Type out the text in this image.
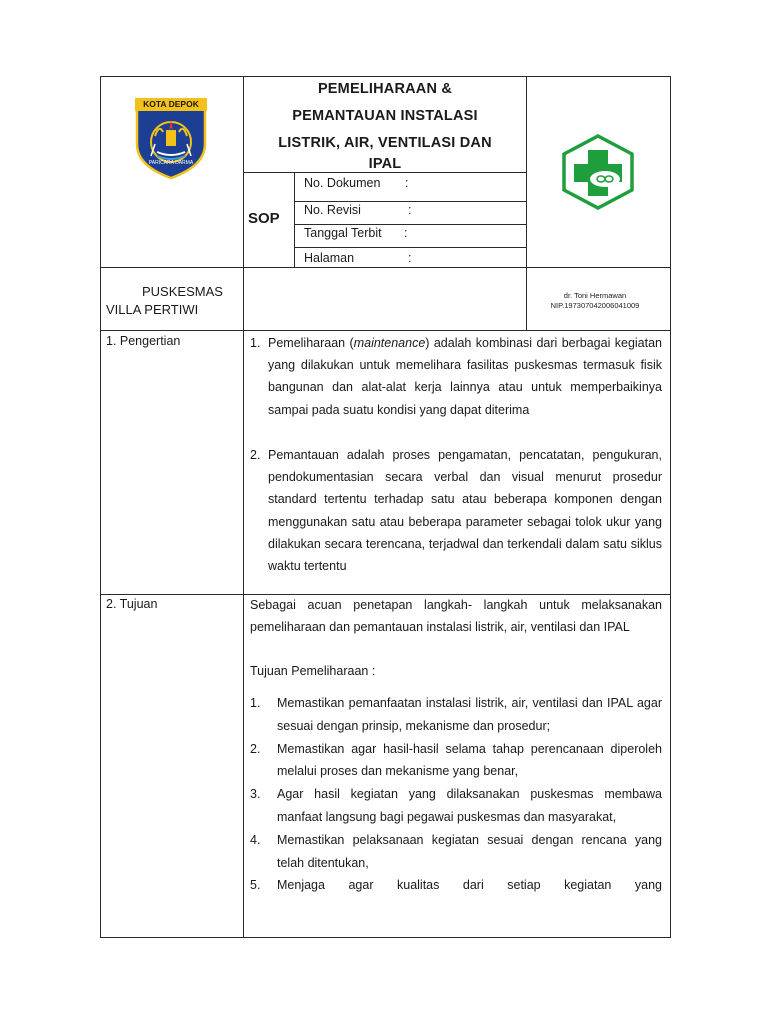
KOTA DEPOK
PARICARA DARMA
PEMELIHARAAN &
PEMANTAUAN INSTALASI
LISTRIK, AIR, VENTILASI DAN
IPAL
SOP
No. Dokumen :
No. Revisi	:
Tanggal Terbit :
Halaman	:
PUSKESMAS
VILLA PERTIWI
dr. Toni Hermawan
NIP.197307042006041009
1. Pengertian	1. Pemeliharaan (maintenance) adalah kombinasi dari berbagai kegiatan yang dilakukan untuk memelihara fasilitas puskesmas termasuk fisik bangunan dan alat-alat kerja lainnya atau untuk memperbaikinya sampai pada suatu kondisi yang dapat diterima
2. Pemantauan adalah proses pengamatan, pencatatan, pengukuran, pendokumentasian secara verbal dan visual menurut prosedur standard tertentu terhadap satu atau beberapa komponen dengan menggunakan satu atau beberapa parameter sebagai tolok ukur yang dilakukan secara terencana, terjadwal dan terkendali dalam satu siklus waktu tertentu
2. Tujuan	Sebagai acuan penetapan langkah- langkah untuk melaksanakan pemeliharaan dan pemantauan instalasi listrik, air, ventilasi dan IPAL
Tujuan Pemeliharaan :
1. Memastikan pemanfaatan instalasi listrik, air, ventilasi dan IPAL agar sesuai dengan prinsip, mekanisme dan prosedur;
2. Memastikan agar hasil-hasil selama tahap perencanaan diperoleh melalui proses dan mekanisme yang benar,
3. Agar hasil kegiatan yang dilaksanakan puskesmas membawa manfaat langsung bagi pegawai puskesmas dan masyarakat,
4. Memastikan pelaksanaan kegiatan sesuai dengan rencana yang telah ditentukan,
5. Menjaga agar kualitas dari setiap kegiatan yang
